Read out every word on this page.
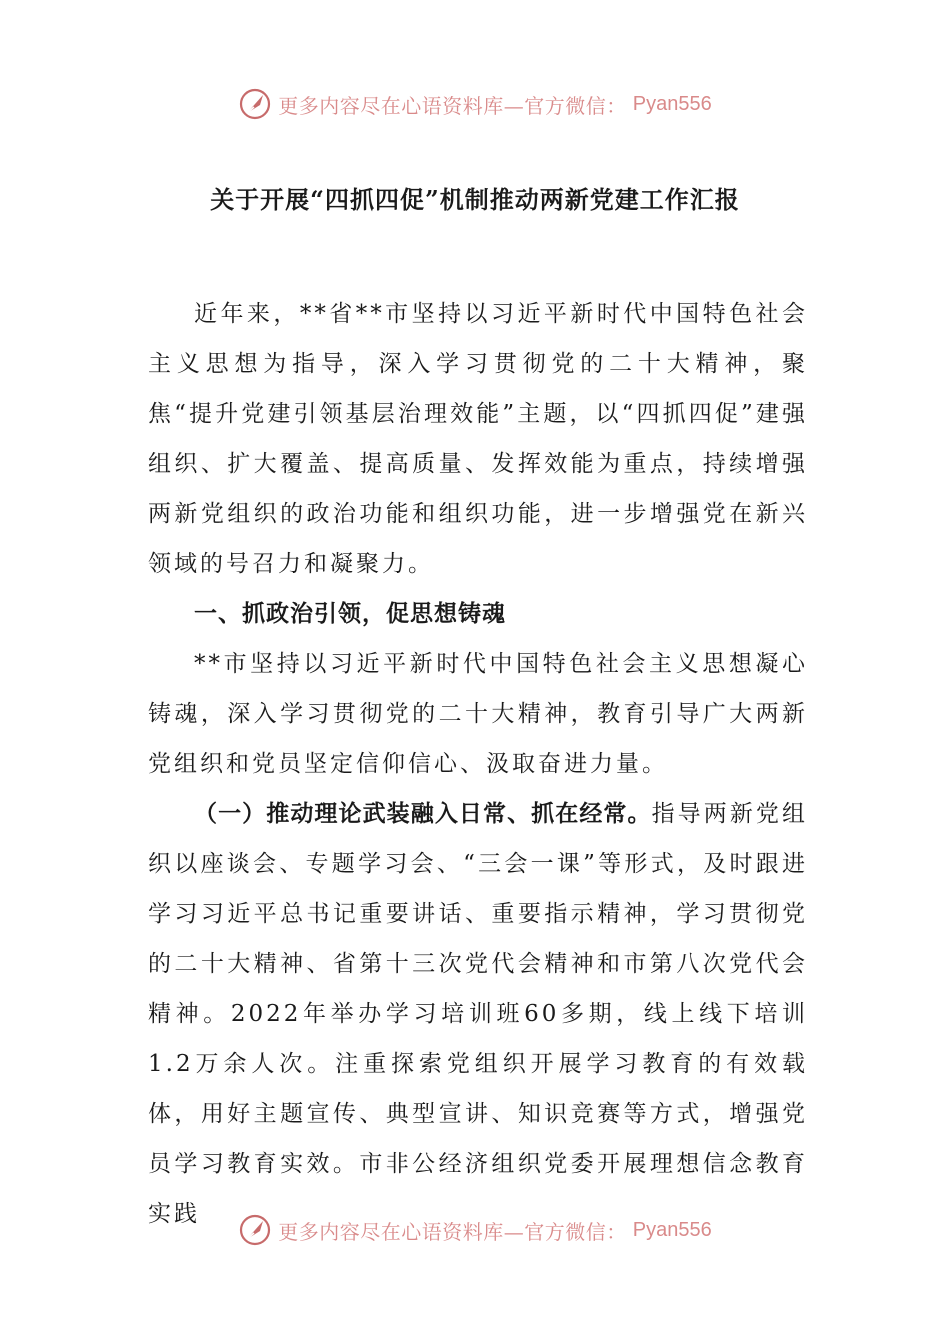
更多内容尽在心语资料库—官方微信： Pyan556
关于开展“四抓四促”机制推动两新党建工作汇报

近年来，**省**市坚持以习近平新时代中国特色社会主义思想为指导，深入学习贯彻党的二十大精神，聚焦“提升党建引领基层治理效能”主题，以“四抓四促”建强组织、扩大覆盖、提高质量、发挥效能为重点，持续增强两新党组织的政治功能和组织功能，进一步增强党在新兴领域的号召力和凝聚力。

一、抓政治引领，促思想铸魂

**市坚持以习近平新时代中国特色社会主义思想凝心铸魂，深入学习贯彻党的二十大精神，教育引导广大两新党组织和党员坚定信仰信心、汲取奋进力量。

（一）推动理论武装融入日常、抓在经常。指导两新党组织以座谈会、专题学习会、“三会一课”等形式，及时跟进学习习近平总书记重要讲话、重要指示精神，学习贯彻党的二十大精神、省第十三次党代会精神和市第八次党代会精神。2022年举办学习培训班60多期，线上线下培训1.2万余人次。注重探索党组织开展学习教育的有效载体，用好主题宣传、典型宣讲、知识竞赛等方式，增强党员学习教育实效。市非公经济组织党委开展理想信念教育实践

更多内容尽在心语资料库—官方微信： Pyan556
